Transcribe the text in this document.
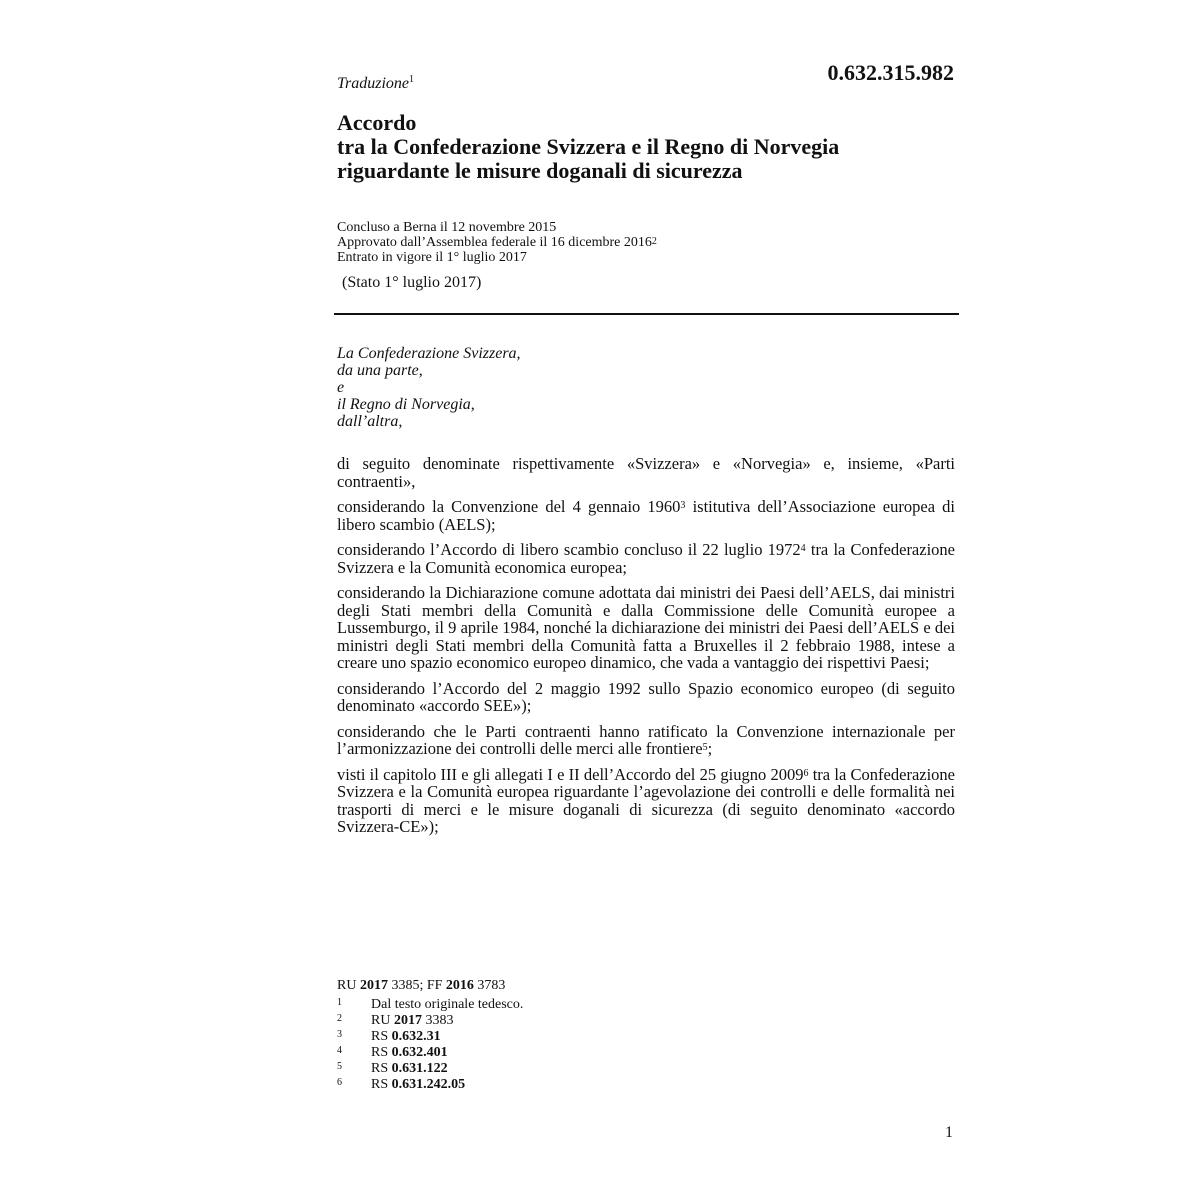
Traduzione$^1$	0.632.315.982
Accordo
tra la Confederazione Svizzera e il Regno di Norvegia
riguardante le misure doganali di sicurezza
Concluso a Berna il 12 novembre 2015
Approvato dall’Assemblea federale il 16 dicembre 2016$^2$
Entrato in vigore il 1° luglio 2017
(Stato 1° luglio 2017)
La Confederazione Svizzera,
da una parte,
e
il Regno di Norvegia,
dall’altra,

di seguito denominate rispettivamente «Svizzera» e «Norvegia» e, insieme, «Parti contraenti»,

considerando la Convenzione del 4 gennaio 1960$^3$ istitutiva dell’Associazione europea di libero scambio (AELS);

considerando l’Accordo di libero scambio concluso il 22 luglio 1972$^4$ tra la Confederazione Svizzera e la Comunità economica europea;

considerando la Dichiarazione comune adottata dai ministri dei Paesi dell’AELS, dai ministri degli Stati membri della Comunità e dalla Commissione delle Comunità europee a Lussemburgo, il 9 aprile 1984, nonché la dichiarazione dei ministri dei Paesi dell’AELS e dei ministri degli Stati membri della Comunità fatta a Bruxelles il 2 febbraio 1988, intese a creare uno spazio economico europeo dinamico, che vada a vantaggio dei rispettivi Paesi;

considerando l’Accordo del 2 maggio 1992 sullo Spazio economico europeo (di seguito denominato «accordo SEE»);

considerando che le Parti contraenti hanno ratificato la Convenzione internazionale per l’armonizzazione dei controlli delle merci alle frontiere$^5$;

visti il capitolo III e gli allegati I e II dell’Accordo del 25 giugno 2009$^6$ tra la Confederazione Svizzera e la Comunità europea riguardante l’agevolazione dei controlli e delle formalità nei trasporti di merci e le misure doganali di sicurezza (di seguito denominato «accordo Svizzera-CE»);

RU 2017 3385; FF 2016 3783
1	Dal testo originale tedesco.
2	RU 2017 3383
3	RS 0.632.31
4	RS 0.632.401
5	RS 0.631.122
6	RS 0.631.242.05
1
